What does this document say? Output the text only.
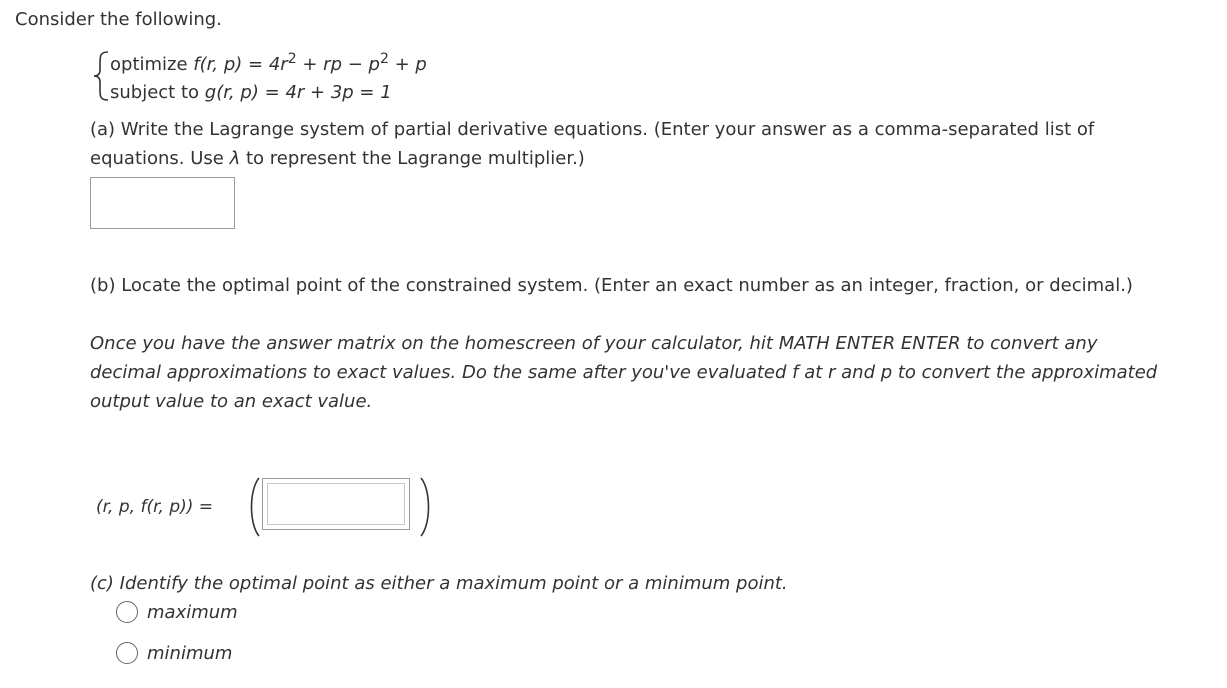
Consider the following.
optimize f(r, $p) = 4r^2$ + rp − $p^2 + p$
subject to g(r, p) = 4r + 3p = 1
(a) Write the Lagrange system of partial derivative equations. (Enter your answer as a comma-separated list of
equations. Use λ to represent the Lagrange multiplier.)
(b) Locate the optimal point of the constrained system. (Enter an exact number as an integer, fraction, or decimal.)
Once you have the answer matrix on the homescreen of your calculator, hit MATH ENTER ENTER to convert any
decimal approximations to exact values. Do the same after you've evaluated f at r and p to convert the approximated
output value to an exact value.
(r, p, f(r, p)) =
(c) Identify the optimal point as either a maximum point or a minimum point.
maximum
minimum
